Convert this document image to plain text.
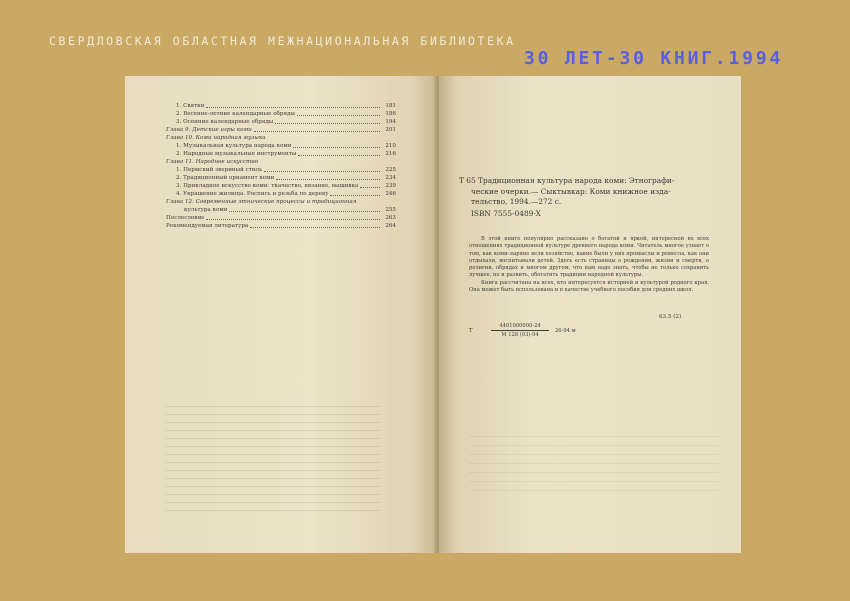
СВЕРДЛОВСКАЯ ОБЛАСТНАЯ МЕЖНАЦИОНАЛЬНАЯ БИБЛИОТЕКА
30 ЛЕТ-30 КНИГ.1994
1. Святки	181
2. Весенне-летние календарные обряды	186
3. Осенние календарные обряды	194
Глава 9. Детские игры коми	201
Глава 10. Коми народная музыка
1. Музыкальная культура народа коми	210
2. Народные музыкальные инструменты	216
Глава 11. Народное искусство
1. Пермский звериный стиль	225
2. Традиционный орнамент коми	234
3. Прикладное искусство коми: ткачество, вязание, вышивка	239
4. Украшение жилища. Роспись и резьба по дереву	246
Глава 12. Современные этнические процессы и традиционная
культура коми	255
Послесловие	263
Рекомендуемая литература	264
Т 65 Традиционная культура народа коми: Этнографи-
ческие очерки.— Сыктывкар: Коми книжное изда-
тельство, 1994.—272 с.
ISBN 7555-0489-X

В этой книге популярно рассказано о богатой и яркой, интересной во всех отношениях традиционной культуре древнего народа коми. Читатель многое узнает о том, как коми-зыряне вели хозяйство, какие были у них промыслы и ремесла, как они отдыхали, воспитывали детей. Здесь есть страницы о рождении, жизни и смерти, о религии, обрядах и многом другом, что нам надо знать, чтобы не только сохранить лучшее, но и развить, обогатить традиции народной культуры.

Книга рассчитана на всех, кто интересуется историей и культурой родного края. Она может быть использована и в качестве учебного пособия для средних школ.

63.5 (2)
Т
4401000000-24
М 128 (03)-94
26-94 м
